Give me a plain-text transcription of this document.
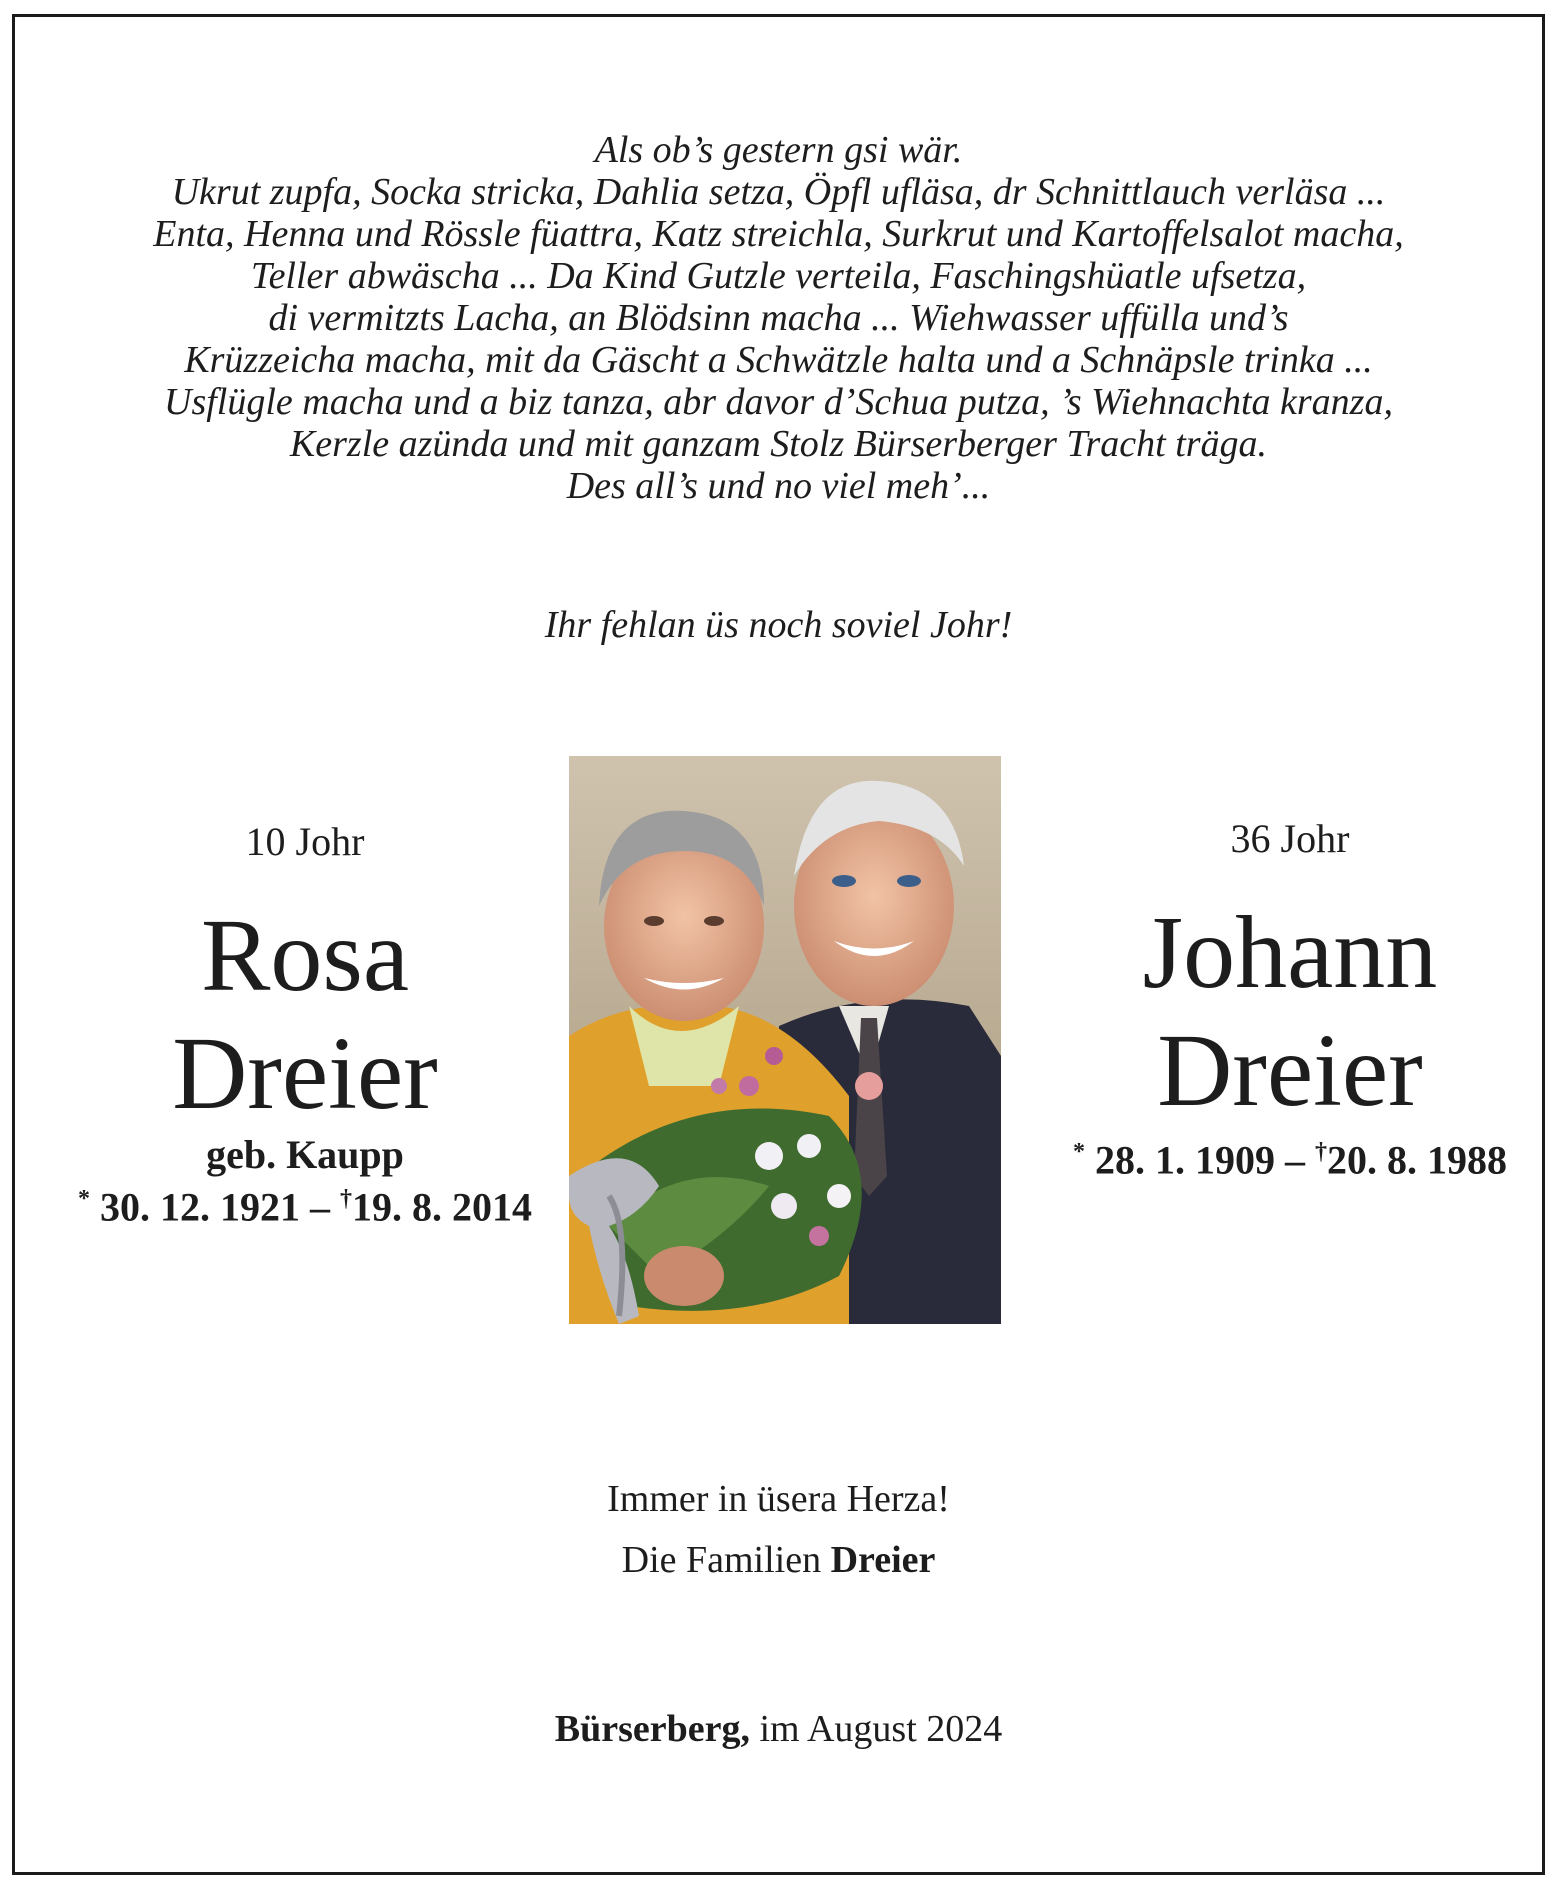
Als ob’s gestern gsi wär.
Ukrut zupfa, Socka stricka, Dahlia setza, Öpfl ufläsa, dr Schnittlauch verläsa ...
Enta, Henna und Rössle füattra, Katz streichla, Surkrut und Kartoffelsalot macha,
Teller abwäscha ... Da Kind Gutzle verteila, Faschingshüatle ufsetza,
di vermitzts Lacha, an Blödsinn macha ... Wiehwasser uffülla und’s
Krüzzeicha macha, mit da Gäscht a Schwätzle halta und a Schnäpsle trinka ...
Usflügle macha und a biz tanza, abr davor d’Schua putza, ’s Wiehnachta kranza,
Kerzle azünda und mit ganzam Stolz Bürserberger Tracht träga.
Des all’s und no viel meh’...
Ihr fehlan üs noch soviel Johr!
10 Johr
Rosa
Dreier
geb. Kaupp
* 30. 12. 1921 – †19. 8. 2014
36 Johr
Johann
Dreier
* 28. 1. 1909 – †20. 8. 1988
Immer in üsera Herza!
Die Familien Dreier
Bürserberg, im August 2024
